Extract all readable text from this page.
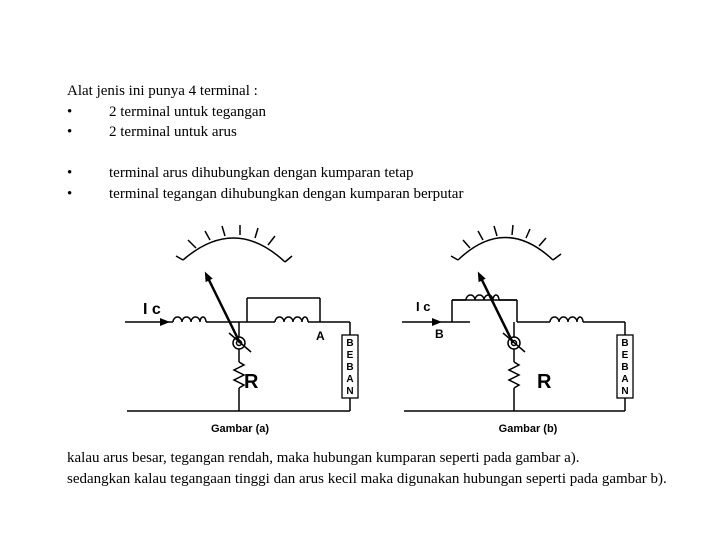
Alat jenis ini punya 4 terminal :
•	2 terminal untuk tegangan
•	2 terminal untuk arus
•	terminal arus dihubungkan dengan kumparan tetap
•	terminal tegangan dihubungkan dengan kumparan berputar
I c
A
R
B
E
B
A
N
Gambar (a)
I c
B
R
B
E
B
A
N
Gambar (b)

kalau arus besar, tegangan rendah, maka hubungan kumparan seperti pada gambar a).

sedangkan kalau tegangaan tinggi dan arus kecil maka digunakan hubungan seperti pada gambar b).
